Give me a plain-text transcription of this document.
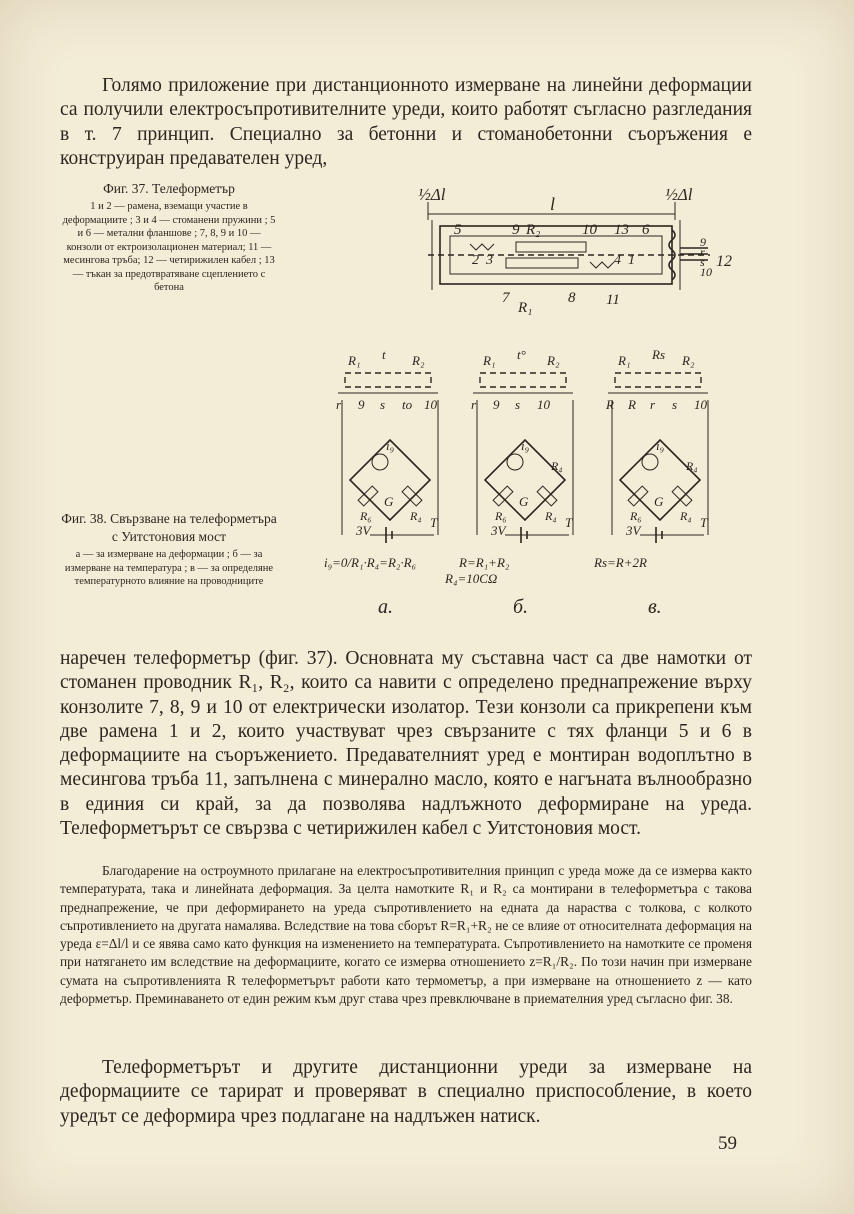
Голямо приложение при дистанционното измерване на линейни деформации са получили електросъпротивителните уреди, които работят съгласно разгледания в т. 7 принцип. Специално за бетонни и стоманобетонни съоръжения е конструиран предавателен уред,

Фиг. 37. Телеформетър
1 и 2 — рамена, вземащи участие в деформациите ; 3 и 4 — стоманени пружини ; 5 и 6 — метални фланшове ; 7, 8, 9 и 10 — конзоли от ектроизолационен материал; 11 — месингова тръба; 12 — четирижилен кабел ; 13 — тъкан за предотвратяване сцеплението с бетона
½Δl	½Δl
l
5	9 R₂	10 13 6
2 3	4 1
7
R₁
8 11
9
r
s
10
12
Фиг. 38. Свързване на телеформетъра с Уитстоновия мост
а — за измерване на деформации ; б — за измерване на температура ; в — за определяне температурното влияние на проводниците
R₁ t R₂
r 9 s to 10
i₉
R₆
G
R₄
3V
T
i₉=0/R₁·R₄=R₂·R₆
a.
R₁ t° R₂
r 9 s 10
i₉
R₆
G
R₄
R₄
3V
T
R=R₁+R₂
R₄=10CΩ
б.
R₁ Rs R₂
R R r s 10
i₉
R₆
G
R₄
R₄
3V
T
Rs=R+2R
в.

наречен телеформетър (фиг. 37). Основната му съставна част са две намотки от стоманен проводник R₁, R₂, които са навити с определено преднапрежение върху конзолите 7, 8, 9 и 10 от електрически изолатор. Тези конзоли са прикрепени към две рамена 1 и 2, които участвуват чрез свързаните с тях фланци 5 и 6 в деформациите на съоръжението. Предавателният уред е монтиран водоплътно в месингова тръба 11, запълнена с минерално масло, която е нагъната вълнообразно в единия си край, за да позволява надлъжното деформиране на уреда. Телеформетърът се свързва с четирижилен кабел с Уитстоновия мост.

Благодарение на остроумното прилагане на електросъпротивителния принцип с уреда може да се измерва както температурата, така и линейната деформация. За целта намотките R₁ и R₂ са монтирани в телеформетъра с такова преднапрежение, че при деформирането на уреда съпротивлението на едната да нараства с толкова, с колкото съпротивлението на другата намалява. Вследствие на това сборът R=R₁+R₂ не се влияе от относителната деформация на уреда ε=Δl/l и се явява само като функция на изменението на температурата. Съпротивлението на намотките се променя при натягането им вследствие на деформациите, когато се измерва отношението z=R₁/R₂. По този начин при измерване сумата на съпротивленията R телеформетърът работи като термометър, а при измерване на отношението z — като деформетър. Преминаването от един режим към друг става чрез превключване в приемателния уред съгласно фиг. 38.

Телеформетърът и другите дистанционни уреди за измерване на деформациите се тарират и проверяват в специално приспособление, в което уредът се деформира чрез подлагане на надлъжен натиск.

59
